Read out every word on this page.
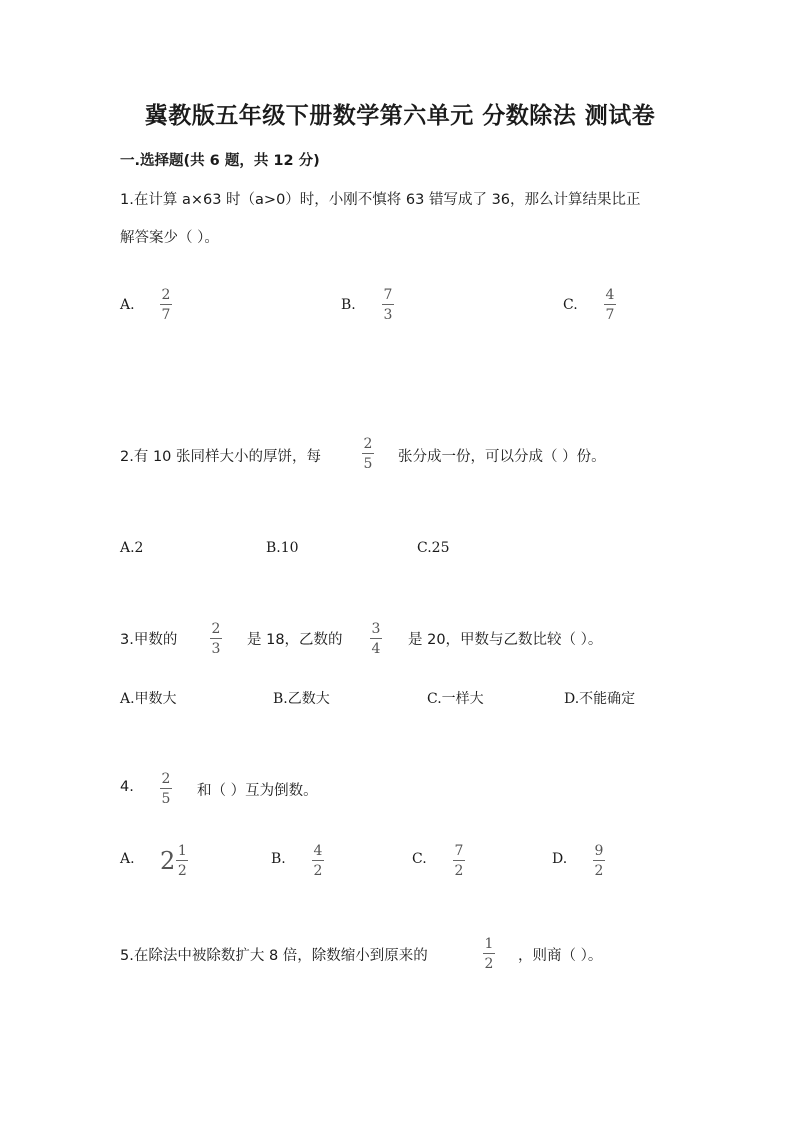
冀教版五年级下册数学第六单元 分数除法 测试卷
一.选择题(共 6 题，共 12 分)
1.在计算 a×63 时（a>0）时，小刚不慎将 63 错写成了 36，那么计算结果比正
解答案少（ ）。
A.
2
7
B.
7
3
C.
4
7
2.有 10 张同样大小的厚饼，每
2
5 张分成一份，可以分成（ ）份。
A.2	B.10	C.25
3.甲数的
2
3
是 18，乙数的
3
4
是 20，甲数与乙数比较（ ）。
A.甲数大	B.乙数大	C.一样大	D.不能确定
4. 2
5 和（ ）互为倒数。
A. $2 \frac{1}{2}$	B. 4
2
C. 7
2
D. 9
2
5.在除法中被除数扩大 8 倍，除数缩小到原来的
1
2 ，则商（ ）。
